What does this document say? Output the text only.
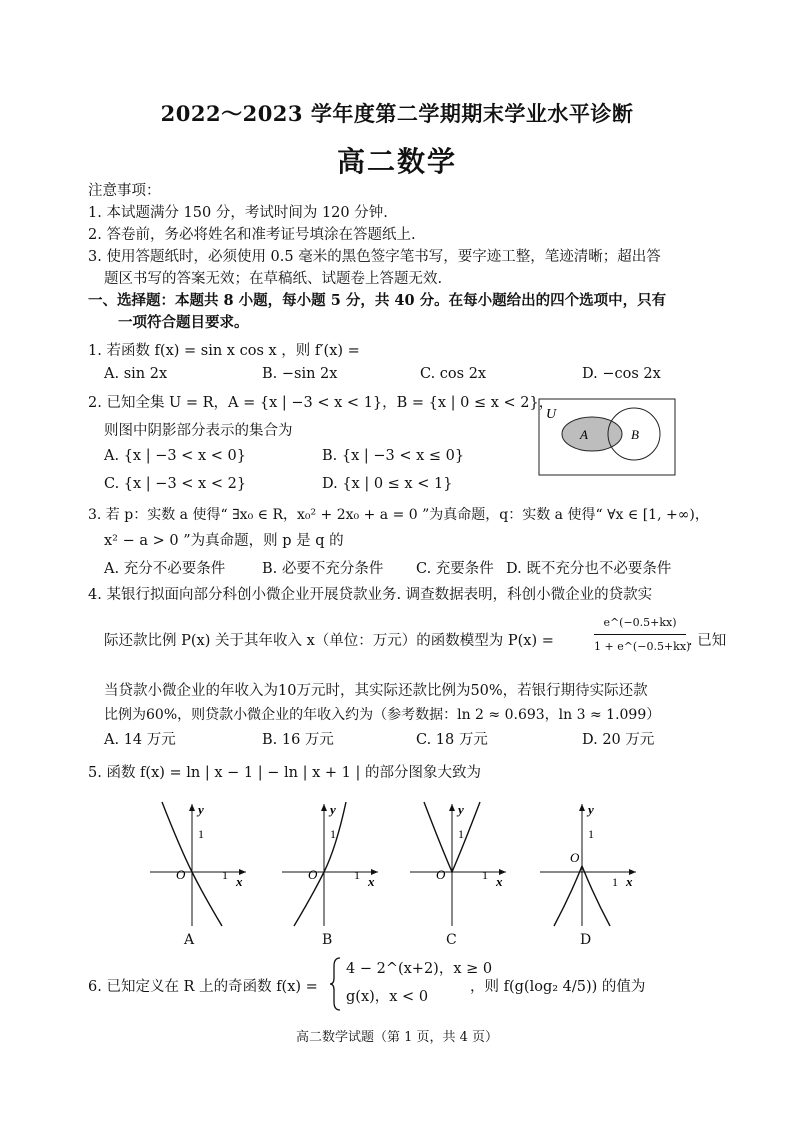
2022～2023 学年度第二学期期末学业水平诊断
高二数学
注意事项：
1. 本试题满分 150 分，考试时间为 120 分钟.
2. 答卷前，务必将姓名和准考证号填涂在答题纸上.
3. 使用答题纸时，必须使用 0.5 毫米的黑色签字笔书写，要字迹工整，笔迹清晰；超出答
题区书写的答案无效；在草稿纸、试题卷上答题无效.
一、选择题：本题共 8 小题，每小题 5 分，共 40 分。在每小题给出的四个选项中，只有
一项符合题目要求。
1. 若函数 f(x) = sin x cos x ，则 f′(x) =
A. sin 2x	B. −sin 2x	C. cos 2x	D. −cos 2x
2. 已知全集 U = R，A = {x | −3 < x < 1}，B = {x | 0 ≤ x < 2}，
则图中阴影部分表示的集合为
A. {x | −3 < x < 0}	B. {x | −3 < x ≤ 0}
C. {x | −3 < x < 2}	D. {x | 0 ≤ x < 1}
U
A	B
3. 若 p：实数 a 使得“ ∃x₀ ∈ R，x₀² + 2x₀ + a = 0 ”为真命题，q：实数 a 使得“ ∀x ∈ [1, +∞)，
x² − a > 0 ”为真命题，则 p 是 q 的
A. 充分不必要条件	B. 必要不充分条件 C. 充要条件 D. 既不充分也不必要条件
4. 某银行拟面向部分科创小微企业开展贷款业务. 调查数据表明，科创小微企业的贷款实
际还款比例 P(x) 关于其年收入 x（单位：万元）的函数模型为 P(x) =
e^(−0.5+kx)
1 + e^(−0.5+kx)
. 已知
当贷款小微企业的年收入为10万元时，其实际还款比例为50%，若银行期待实际还款
比例为60%，则贷款小微企业的年收入约为（参考数据：ln 2 ≈ 0.693，ln 3 ≈ 1.099）
A. 14 万元	B. 16 万元	C. 18 万元	D. 20 万元
5. 函数 f(x) = ln | x − 1 | − ln | x + 1 | 的部分图象大致为
y
1
O	1 x
y
1
O	1 x
y
1
O	1 x
y
1
O
1 x
A	B	C	D
6. 已知定义在 R 上的奇函数 f(x) =
4 − 2^(x+2)，x ≥ 0
g(x)，x < 0
，则 f(g(log₂ 4/5)) 的值为
高二数学试题（第 1 页，共 4 页）
